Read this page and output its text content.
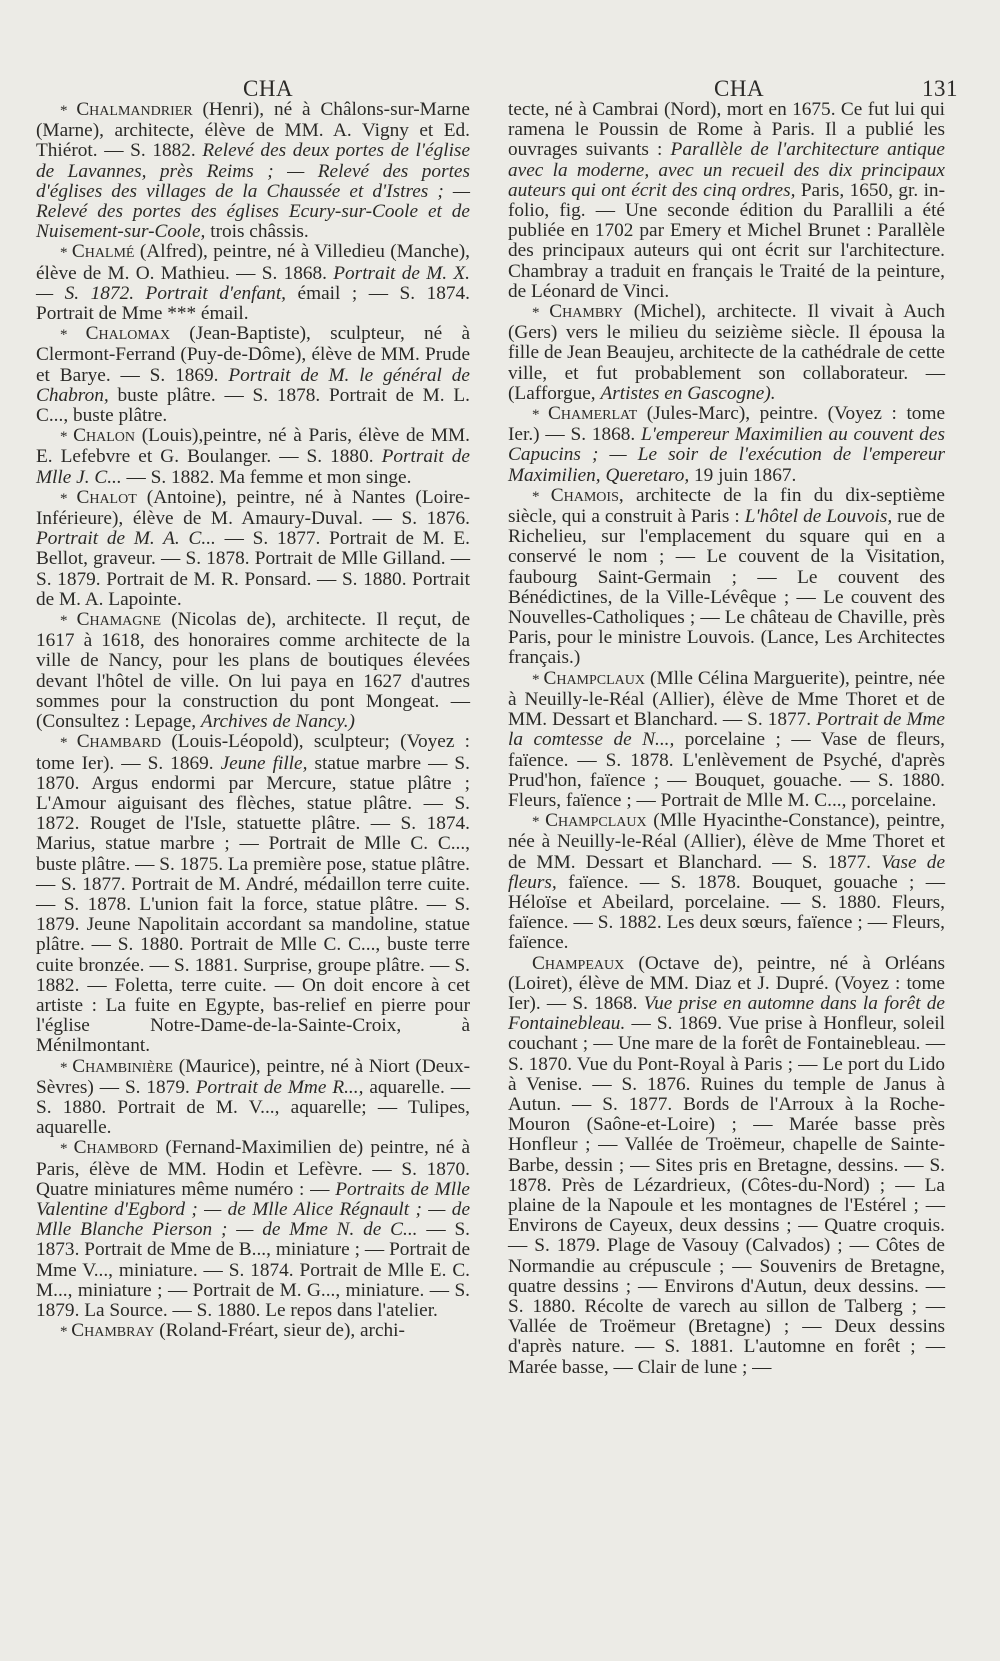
CHA	CHA	131

* Chalmandrier (Henri), né à Châlons-sur-Marne (Marne), architecte, élève de MM. A. Vigny et Ed. Thiérot. — S. 1882. Relevé des deux portes de l'église de Lavannes, près Reims ; — Relevé des portes d'églises des villages de la Chaussée et d'Istres ; — Relevé des portes des églises Ecury-sur-Coole et de Nuisement-sur-Coole, trois châssis.

* Chalmé (Alfred), peintre, né à Villedieu (Manche), élève de M. O. Mathieu. — S. 1868. Portrait de M. X. — S. 1872. Portrait d'enfant, émail ; — S. 1874. Portrait de Mme *** émail.

* Chalomax (Jean-Baptiste), sculpteur, né à Clermont-Ferrand (Puy-de-Dôme), élève de MM. Prude et Barye. — S. 1869. Portrait de M. le général de Chabron, buste plâtre. — S. 1878. Portrait de M. L. C..., buste plâtre.

* Chalon (Louis),peintre, né à Paris, élève de MM. E. Lefebvre et G. Boulanger. — S. 1880. Portrait de Mlle J. C... — S. 1882. Ma femme et mon singe.

* Chalot (Antoine), peintre, né à Nantes (Loire-Inférieure), élève de M. Amaury-Duval. — S. 1876. Portrait de M. A. C... — S. 1877. Portrait de M. E. Bellot, graveur. — S. 1878. Portrait de Mlle Gilland. — S. 1879. Portrait de M. R. Ponsard. — S. 1880. Portrait de M. A. Lapointe.

* Chamagne (Nicolas de), architecte. Il reçut, de 1617 à 1618, des honoraires comme architecte de la ville de Nancy, pour les plans de boutiques élevées devant l'hôtel de ville. On lui paya en 1627 d'autres sommes pour la construction du pont Mongeat. — (Consultez : Lepage, Archives de Nancy.)

* Chambard (Louis-Léopold), sculpteur; (Voyez : tome Ier). — S. 1869. Jeune fille, statue marbre — S. 1870. Argus endormi par Mercure, statue plâtre ; L'Amour aiguisant des flèches, statue plâtre. — S. 1872. Rouget de l'Isle, statuette plâtre. — S. 1874. Marius, statue marbre ; — Portrait de Mlle C. C..., buste plâtre. — S. 1875. La première pose, statue plâtre. — S. 1877. Portrait de M. André, médaillon terre cuite. — S. 1878. L'union fait la force, statue plâtre. — S. 1879. Jeune Napolitain accordant sa mandoline, statue plâtre. — S. 1880. Portrait de Mlle C. C..., buste terre cuite bronzée. — S. 1881. Surprise, groupe plâtre. — S. 1882. — Foletta, terre cuite. — On doit encore à cet artiste : La fuite en Egypte, bas-relief en pierre pour l'église Notre-Dame-de-la-Sainte-Croix, à Ménilmontant.

* Chambinière (Maurice), peintre, né à Niort (Deux-Sèvres) — S. 1879. Portrait de Mme R..., aquarelle. — S. 1880. Portrait de M. V..., aquarelle; — Tulipes, aquarelle.

* Chambord (Fernand-Maximilien de) peintre, né à Paris, élève de MM. Hodin et Lefèvre. — S. 1870. Quatre miniatures même numéro : — Portraits de Mlle Valentine d'Egbord ; — de Mlle Alice Régnault ; — de Mlle Blanche Pierson ; — de Mme N. de C... — S. 1873. Portrait de Mme de B..., miniature ; — Portrait de Mme V..., miniature. — S. 1874. Portrait de Mlle E. C. M..., miniature ; — Portrait de M. G..., miniature. — S. 1879. La Source. — S. 1880. Le repos dans l'atelier.

* Chambray (Roland-Fréart, sieur de), archi-

tecte, né à Cambrai (Nord), mort en 1675. Ce fut lui qui ramena le Poussin de Rome à Paris. Il a publié les ouvrages suivants : Parallèle de l'architecture antique avec la moderne, avec un recueil des dix principaux auteurs qui ont écrit des cinq ordres, Paris, 1650, gr. in-folio, fig. — Une seconde édition du Parallili a été publiée en 1702 par Emery et Michel Brunet : Parallèle des principaux auteurs qui ont écrit sur l'architecture. Chambray a traduit en français le Traité de la peinture, de Léonard de Vinci.

* Chambry (Michel), architecte. Il vivait à Auch (Gers) vers le milieu du seizième siècle. Il épousa la fille de Jean Beaujeu, architecte de la cathédrale de cette ville, et fut probablement son collaborateur. — (Lafforgue, Artistes en Gascogne).

* Chamerlat (Jules-Marc), peintre. (Voyez : tome Ier.) — S. 1868. L'empereur Maximilien au couvent des Capucins ; — Le soir de l'exécution de l'empereur Maximilien, Queretaro, 19 juin 1867.

* Chamois, architecte de la fin du dix-septième siècle, qui a construit à Paris : L'hôtel de Louvois, rue de Richelieu, sur l'emplacement du square qui en a conservé le nom ; — Le couvent de la Visitation, faubourg Saint-Germain ; — Le couvent des Bénédictines, de la Ville-Lévêque ; — Le couvent des Nouvelles-Catholiques ; — Le château de Chaville, près Paris, pour le ministre Louvois. (Lance, Les Architectes français.)

* Champclaux (Mlle Célina Marguerite), peintre, née à Neuilly-le-Réal (Allier), élève de Mme Thoret et de MM. Dessart et Blanchard. — S. 1877. Portrait de Mme la comtesse de N..., porcelaine ; — Vase de fleurs, faïence. — S. 1878. L'enlèvement de Psyché, d'après Prud'hon, faïence ; — Bouquet, gouache. — S. 1880. Fleurs, faïence ; — Portrait de Mlle M. C..., porcelaine.

* Champclaux (Mlle Hyacinthe-Constance), peintre, née à Neuilly-le-Réal (Allier), élève de Mme Thoret et de MM. Dessart et Blanchard. — S. 1877. Vase de fleurs, faïence. — S. 1878. Bouquet, gouache ; — Héloïse et Abeilard, porcelaine. — S. 1880. Fleurs, faïence. — S. 1882. Les deux sœurs, faïence ; — Fleurs, faïence.

Champeaux (Octave de), peintre, né à Orléans (Loiret), élève de MM. Diaz et J. Dupré. (Voyez : tome Ier). — S. 1868. Vue prise en automne dans la forêt de Fontainebleau. — S. 1869. Vue prise à Honfleur, soleil couchant ; — Une mare de la forêt de Fontainebleau. — S. 1870. Vue du Pont-Royal à Paris ; — Le port du Lido à Venise. — S. 1876. Ruines du temple de Janus à Autun. — S. 1877. Bords de l'Arroux à la Roche-Mouron (Saône-et-Loire) ; — Marée basse près Honfleur ; — Vallée de Troëmeur, chapelle de Sainte-Barbe, dessin ; — Sites pris en Bretagne, dessins. — S. 1878. Près de Lézardrieux, (Côtes-du-Nord) ; — La plaine de la Napoule et les montagnes de l'Estérel ; — Environs de Cayeux, deux dessins ; — Quatre croquis. — S. 1879. Plage de Vasouy (Calvados) ; — Côtes de Normandie au crépuscule ; — Souvenirs de Bretagne, quatre dessins ; — Environs d'Autun, deux dessins. — S. 1880. Récolte de varech au sillon de Talberg ; — Vallée de Troëmeur (Bretagne) ; — Deux dessins d'après nature. — S. 1881. L'automne en forêt ; — Marée basse, — Clair de lune ; —
